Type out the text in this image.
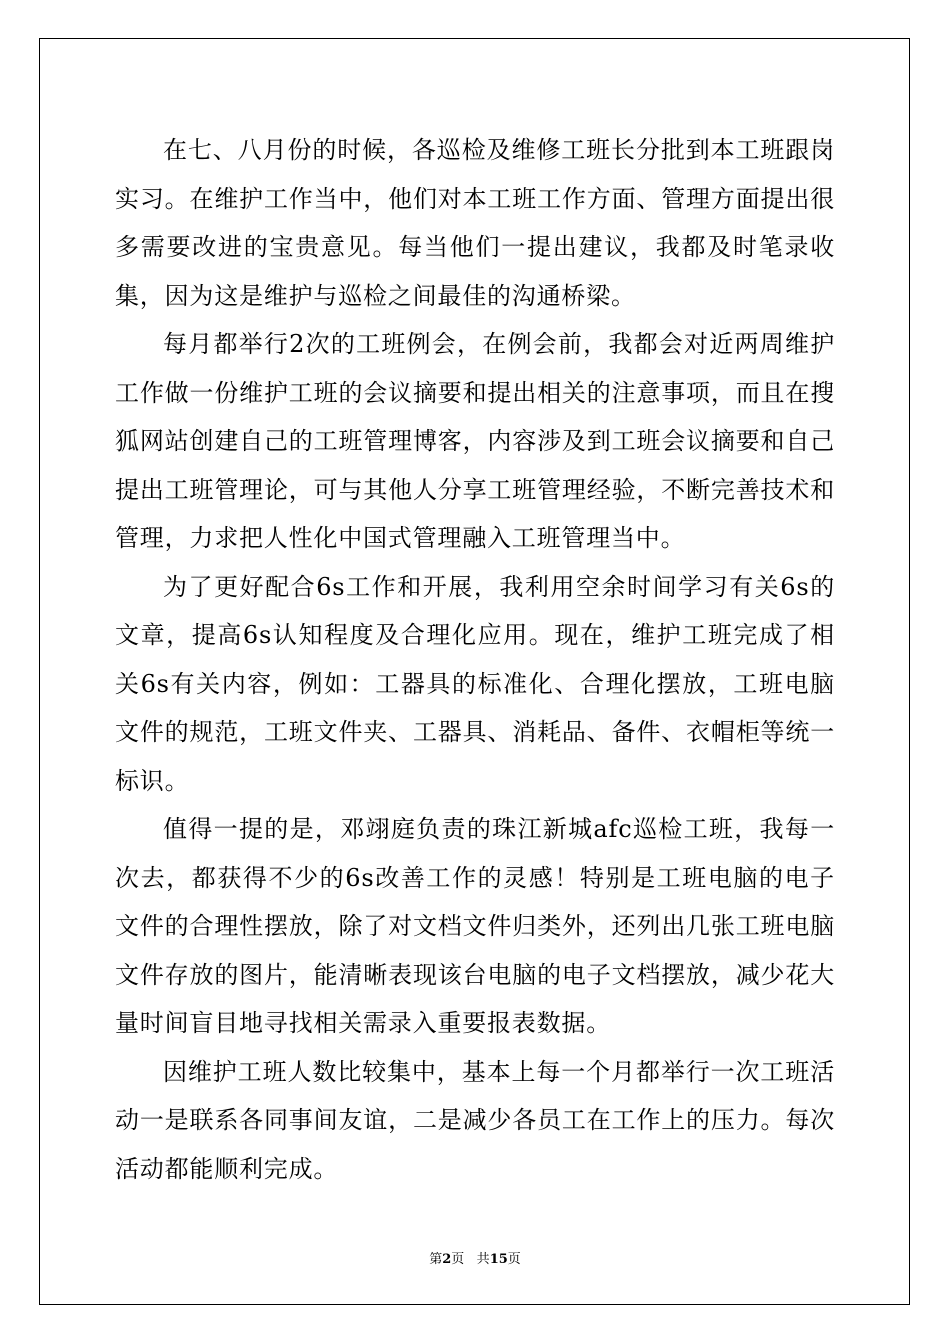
在七、八月份的时候，各巡检及维修工班长分批到本工班跟岗实习。在维护工作当中，他们对本工班工作方面、管理方面提出很多需要改进的宝贵意见。每当他们一提出建议，我都及时笔录收集，因为这是维护与巡检之间最佳的沟通桥梁。

每月都举行2次的工班例会，在例会前，我都会对近两周维护工作做一份维护工班的会议摘要和提出相关的注意事项，而且在搜狐网站创建自己的工班管理博客，内容涉及到工班会议摘要和自己提出工班管理论，可与其他人分享工班管理经验，不断完善技术和管理，力求把人性化中国式管理融入工班管理当中。

为了更好配合6s工作和开展，我利用空余时间学习有关6s的文章，提高6s认知程度及合理化应用。现在，维护工班完成了相关6s有关内容，例如：工器具的标准化、合理化摆放，工班电脑文件的规范，工班文件夹、工器具、消耗品、备件、衣帽柜等统一标识。

值得一提的是，邓翊庭负责的珠江新城afc巡检工班，我每一次去，都获得不少的6s改善工作的灵感！特别是工班电脑的电子文件的合理性摆放，除了对文档文件归类外，还列出几张工班电脑文件存放的图片，能清晰表现该台电脑的电子文档摆放，减少花大量时间盲目地寻找相关需录入重要报表数据。

因维护工班人数比较集中，基本上每一个月都举行一次工班活动一是联系各同事间友谊，二是减少各员工在工作上的压力。每次活动都能顺利完成。

第2页 共15页
